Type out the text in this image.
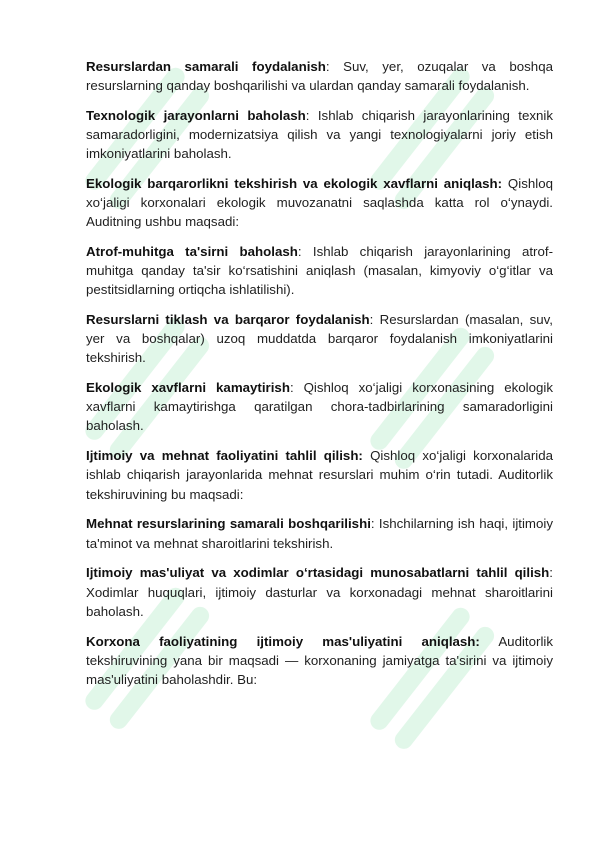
Resurslardan samarali foydalanish: Suv, yer, ozuqalar va boshqa resurslarning qanday boshqarilishi va ulardan qanday samarali foydalanish.

Texnologik jarayonlarni baholash: Ishlab chiqarish jarayonlarining texnik samaradorligini, modernizatsiya qilish va yangi texnologiyalarni joriy etish imkoniyatlarini baholash.

Ekologik barqarorlikni tekshirish va ekologik xavflarni aniqlash: Qishloq xo‘jaligi korxonalari ekologik muvozanatni saqlashda katta rol o‘ynaydi. Auditning ushbu maqsadi:

Atrof-muhitga ta'sirni baholash: Ishlab chiqarish jarayonlarining atrof-muhitga qanday ta'sir ko‘rsatishini aniqlash (masalan, kimyoviy o‘g‘itlar va pestitsidlarning ortiqcha ishlatilishi).

Resurslarni tiklash va barqaror foydalanish: Resurslardan (masalan, suv, yer va boshqalar) uzoq muddatda barqaror foydalanish imkoniyatlarini tekshirish.

Ekologik xavflarni kamaytirish: Qishloq xo‘jaligi korxonasining ekologik xavflarni kamaytirishga qaratilgan chora-tadbirlarining samaradorligini baholash.

Ijtimoiy va mehnat faoliyatini tahlil qilish: Qishloq xo‘jaligi korxonalarida ishlab chiqarish jarayonlarida mehnat resurslari muhim o‘rin tutadi. Auditorlik tekshiruvining bu maqsadi:

Mehnat resurslarining samarali boshqarilishi: Ishchilarning ish haqi, ijtimoiy ta'minot va mehnat sharoitlarini tekshirish.

Ijtimoiy mas'uliyat va xodimlar o‘rtasidagi munosabatlarni tahlil qilish: Xodimlar huquqlari, ijtimoiy dasturlar va korxonadagi mehnat sharoitlarini baholash.

Korxona faoliyatining ijtimoiy mas'uliyatini aniqlash: Auditorlik tekshiruvining yana bir maqsadi — korxonaning jamiyatga ta'sirini va ijtimoiy mas'uliyatini baholashdir. Bu:
